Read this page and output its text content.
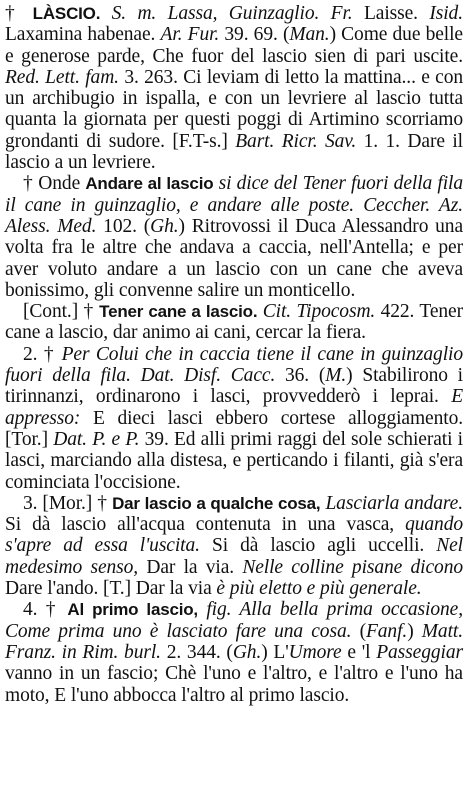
† LÀSCIO. S. m. Lassa, Guinzaglio. Fr. Laisse. Isid. Laxamina habenae. Ar. Fur. 39. 69. (Man.) Come due belle e generose parde, Che fuor del lascio sien di pari uscite. Red. Lett. fam. 3. 263. Ci leviam di letto la mattina... e con un archibugio in ispalla, e con un levriere al lascio tutta quanta la giornata per questi poggi di Artimino scorriamo grondanti di sudore. [F.T-s.] Bart. Ricr. Sav. 1. 1. Dare il lascio a un levriere.

† Onde Andare al lascio si dice del Tener fuori della fila il cane in guinzaglio, e andare alle poste. Ceccher. Az. Aless. Med. 102. (Gh.) Ritrovossi il Duca Alessandro una volta fra le altre che andava a caccia, nell'Antella; e per aver voluto andare a un lascio con un cane che aveva bonissimo, gli convenne salire un monticello.

[Cont.] † Tener cane a lascio. Cit. Tipocosm. 422. Tener cane a lascio, dar animo ai cani, cercar la fiera.

2. † Per Colui che in caccia tiene il cane in guinzaglio fuori della fila. Dat. Disf. Cacc. 36. (M.) Stabilirono i tirinnanzi, ordinarono i lasci, provvedderò i leprai. E appresso: E dieci lasci ebbero cortese alloggiamento. [Tor.] Dat. P. e P. 39. Ed alli primi raggi del sole schierati i lasci, marciando alla distesa, e perticando i filanti, già s'era cominciata l'occisione.

3. [Mor.] † Dar lascio a qualche cosa, Lasciarla andare. Si dà lascio all'acqua contenuta in una vasca, quando s'apre ad essa l'uscita. Si dà lascio agli uccelli. Nel medesimo senso, Dar la via. Nelle colline pisane dicono Dare l'ando. [T.] Dar la via è più eletto e più generale.

4. † Al primo lascio, fig. Alla bella prima occasione, Come prima uno è lasciato fare una cosa. (Fanf.) Matt. Franz. in Rim. burl. 2. 344. (Gh.) L'Umore e 'l Passeggiar vanno in un fascio; Chè l'uno e l'altro, e l'altro e l'uno ha moto, E l'uno abbocca l'altro al primo lascio.
